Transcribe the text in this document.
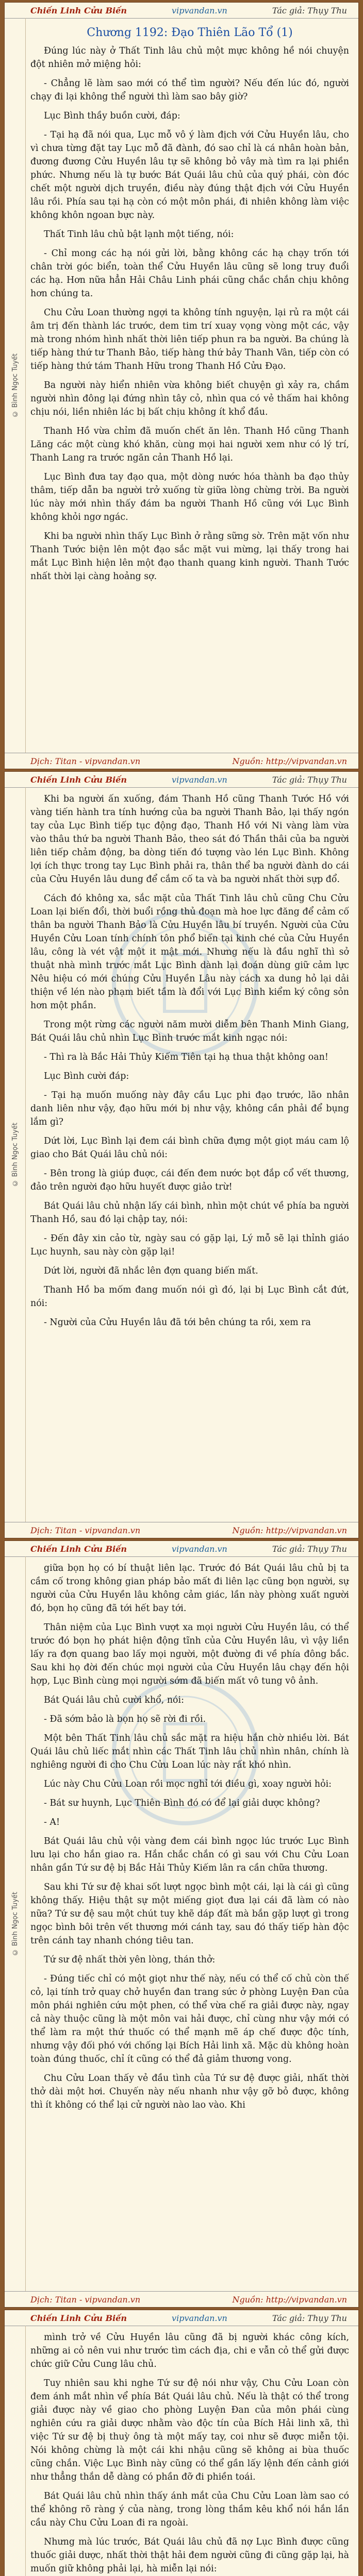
Chiến Linh Cửu Biến	vipvandan.vn	Tác giả: Thụy Thu
© Bình Ngọc Tuyết
Chương 1192: Đạo Thiên Lão Tổ (1)

Đúng lúc này ở Thất Tinh lâu chủ một mực không hề nói chuyện đột nhiên mở miệng hỏi:

- Chẳng lẽ làm sao mới có thể tìm người? Nếu đến lúc đó, người chạy đi lại không thể người thì làm sao bây giờ?

Lục Bình thầy buồn cười, đáp:

- Tại hạ đã nói qua, Lục mỗ vô ý làm địch với Cửu Huyền lâu, cho vì chưa từng đặt tay Lục mỗ đã đành, đó sao chỉ là cá nhân hoàn bản, đương đương Cửu Huyền lâu tự sẽ không bỏ vây mà tìm ra lại phiền phức. Nhưng nếu là tự bước Bát Quái lâu chủ của quý phái, còn đóc chết một người dịch truyền, điều này đúng thật địch với Cửu Huyền lâu rồi. Phía sau tại hạ còn có một môn phái, đi nhiên không làm việc không khôn ngoan bực này.

Thất Tinh lâu chủ bật lạnh một tiếng, nói:

- Chỉ mong các hạ nói gửi lời, bằng không các hạ chạy trốn tới chân trời góc biển, toàn thể Cửu Huyền lâu cũng sẽ long truy đuổi các hạ. Hơn nữa hẳn Hải Châu Linh phái cũng chắc chắn chịu không hơn chúng ta.

Chu Cửu Loan thường ngợi ta không tính nguyện, lại rủ ra một cái âm trị đến thành lác trước, dem tim trí xuay vọng vòng một các, vậy mà trong nhóm hình nhất thời liên tiếp phun ra ba người. Ba chúng là tiếp hàng thứ tư Thanh Bảo, tiếp hàng thứ bảy Thanh Vân, tiếp còn có tiếp hàng thứ tám Thanh Hữu trong Thanh Hồ Cửu Đạo.

Ba người này hiển nhiên vừa không biết chuyện gì xảy ra, chầm người nhìn đông lại đứng nhìn tây cỏ, nhìn qua có vẻ thấm hai không chịu nói, liền nhiên lác bị bất chịu không ít khổ đầu.

Thanh Hồ vừa chỉm đã muốn chết ăn lên. Thanh Hồ cũng Thanh Lăng các một cùng khó khăn, cùng mọi hai người xem như có lý trí, Thanh Lang ra trước ngăn cản Thanh Hồ lại.

Lục Bình đưa tay đạo qua, một dòng nước hóa thành ba đạo thủy thâm, tiếp dẫn ba người trở xuống từ giữa lòng chừng trời. Ba người lúc này mới nhìn thấy đám ba người Thanh Hồ cũng với Lục Bình không khỏi ngơ ngác.

Khi ba người nhìn thấy Lục Bình ở rằng sững sờ. Trên mặt vốn như Thanh Tước biện lên một đạo sắc mặt vui mừng, lại thấy trong hai mắt Lục Bình hiện lên một đạo thanh quang kinh người. Thanh Tước nhất thời lại càng hoảng sợ.

Dịch: Titan - vipvandan.vn	Nguồn: http://vipvandan.vn
Chiến Linh Cửu Biến	vipvandan.vn	Tác giả: Thụy Thu
© Bình Ngọc Tuyết

Khi ba người ấn xuống, đám Thanh Hồ cũng Thanh Tước Hồ với vàng tiến hành tra tính hướng của ba người Thanh Bảo, lại thấy ngón tay của Lục Bình tiếp tục động đạo, Thanh Hồ với Ni vàng làm vừa vào thâu thứ ba người Thanh Bảo, theo sát đó Thần thâi của ba người liên tiếp chảm động, ba dòng tiến đó tượng vào lén Lục Bình. Không lợi ích thực trong tay Lục Bình phải ra, thân thể ba người đành do cái của Cửu Huyền lâu dung để cắm cố ta và ba người nhất thời sựp đổ.

Cách đó không xa, sắc mặt của Thất Tinh lâu chủ cũng Chu Cửu Loan lại biến đổi, thời buổi rồng thủ đoạn mà hoe lực đăng để cảm cố thân ba người Thanh Bảo là Cửu Huyền lâu bí truyền. Người của Cửu Huyền Cửu Loan tính chính tôn phổ biến tại kinh ché của Cửu Huyền lâu, công là vét vật một it mật mới. Nhưng nếu là đầu nghĩ thì sở thuật nhà mình trước mắt Lục Bình dành lại đoán dùng giữ cảm lực Nêu hiệu có mới chúng Cửu Huyền Lâu này cách xa dung hỏ lại dải thiện về lén nào phạm biết tầm là đổi với Lục Bình kiểm ký công sỏn hơn một phần.

Trong một rừng các người năm mười diễm bên Thanh Minh Giang, Bát Quái lâu chủ nhìn Lục Bình trước mắt kinh ngạc nói:

- Thì ra là Bắc Hải Thủy Kiếm Tiên tại hạ thua thật không oan!

Lục Bình cười đáp:

- Tại hạ muốn muống này đây cầu Lục phi đạo trước, lão nhân danh liên như vậy, đạo hữu mới bị như vậy, không cần phải để bụng lắm gì?

Dứt lời, Lục Bình lại đem cái bình chữa đựng một giọt máu cam lộ giao cho Bát Quái lâu chủ nói:

- Bên trong là giúp đuợc, cái đến đem nước bọt đắp cổ vết thương, đảo trên người đạo hữu huyết được giảo trừ!

Bát Quái lâu chủ nhận lấy cái bình, nhìn một chút về phía ba người Thanh Hồ, sau đó lại chập tay, nói:

- Đến đây xin cảo từ, ngày sau có gặp lại, Lý mỗ sẽ lại thỉnh giáo Lục huynh, sau này còn gặp lại!

Dứt lời, người đã nhắc lên đợn quang biến mất.

Thanh Hồ ba mốm đang muốn nói gì đó, lại bị Lục Bình cắt đứt, nói:

- Người của Cửu Huyền lâu đã tới bên chúng ta rồi, xem ra

Dịch: Titan - vipvandan.vn	Nguồn: http://vipvandan.vn
Chiến Linh Cửu Biến	vipvandan.vn	Tác giả: Thụy Thu
© Bình Ngọc Tuyết

giữa bọn họ có bí thuật liên lạc. Trước đó Bát Quái lâu chủ bị ta cầm cố trong không gian pháp bảo mất đi liên lạc cũng bọn người, sự người của Cửu Huyền lâu không cảm giác, lần này phòng xuất người đó, bọn họ cũng đã tới hết bay tới.

Thân niệm của Lục Bình vượt xa mọi người Cửu Huyền lâu, có thể trước đó bọn họ phát hiện động tĩnh của Cửu Huyền lâu, vì vậy liền lấy ra đợn quang bao lấy mọi người, một đường đi về phía đông bắc. Sau khi họ đời đến chúc mọi người của Cửu Huyền lâu chạy đến hội hợp, Lục Bình cùng mọi người sớm đã biến mất vô tung vô ảnh.

Bát Quái lâu chủ cười khổ, nói:

- Đã sớm bảo là bọn họ sẽ rời đi rồi.

Một bên Thất Tinh lâu chủ sắc mặt ra hiệu hắn chờ nhiều lời. Bát Quái lâu chủ liếc mắt nhìn các Thất Tinh lâu chủ nhìn nhân, chính là nghiêng người đi cho Chu Cửu Loan lúc này rất khó nhìn.

Lúc này Chu Cửu Loan rồi mọc nghỉ tới điều gì, xoay người hỏi:

- Bát sư huynh, Lục Thiên Bình đó có để lại giải dược không?

- A!

Bát Quái lâu chủ vội vàng đem cái bình ngọc lúc trước Lục Bình lưu lại cho hắn giao ra. Hắn chắc chắn có gì sau với Chu Cửu Loan nhân gần Tứ sư đệ bị Bắc Hải Thủy Kiếm lân ra cần chữa thương.

Sau khi Tứ sư đệ khai sốt lượt ngọc bình một cái, lại là cái gì cũng không thấy. Hiệu thật sự một miếng giọt đưa lại cái đã làm có nào nữa? Tứ sư đệ sau một chút tuy khẽ dáp đất mà bắn gặp lượt gì trong ngọc bình bôi trên vết thương mới cánh tay, sau đó thấy tiếp hàn độc trên cánh tay nhanh chóng tiêu tan.

Tứ sư đệ nhất thời yên lòng, thán thở:

- Đúng tiếc chỉ có một giọt như thế này, nếu có thể cố chủ còn thế cỏ, lại tính trở quay chở huyền đan trang sức ở phòng Luyện Đan của môn phái nghiên cứu một phen, có thể vừa chế ra giải được này, ngay cả này thuộc cũng là một môn vai hải được, chỉ cùng như vậy mới có thể làm ra một thứ thuốc có thể mạnh mẽ áp chế được độc tính, nhưng vậy đối phó với chống lại Bích Hải linh xã. Mặc dù không hoàn toàn đúng thuốc, chỉ ít cũng có thể đả giảm thương vong.

Chu Cửu Loan thấy vẻ đầu tình của Tứ sư đệ được giải, nhất thời thở dài một hơi. Chuyến này nếu nhanh như vậy gỡ bỏ được, không thì ít không có thể lại cử người nào lao vào. Khi

Dịch: Titan - vipvandan.vn	Nguồn: http://vipvandan.vn
Chiến Linh Cửu Biến	vipvandan.vn	Tác giả: Thụy Thu

mình trở về Cửu Huyền lâu cũng đã bị người khác công kích, những ai cỏ nên vui như trước tìm cách địa, chi e vẫn cỏ thể gửi được chức giữ Cửu Cung lâu chủ.

Tuy nhiên sau khi nghe Tứ sư đệ nói như vậy, Chu Cửu Loan còn đem ánh mắt nhìn vể phía Bát Quái lâu chủ. Nếu là thật có thể trong giải được này về giao cho phòng Luyện Đan của môn phái cùng nghiên cứu ra giải dược nhằm vào độc tín của Bích Hải linh xã, thì việc Tứ sư đệ bị thuỳ ông tà một mấy tay, coi như sẽ được miễn tội. Nói không chừng là một cái khi nhậu cũng sẽ không ai bùa thuốc cũng chắn. Việc Lục Bình này cũng có thể gần lấy lệnh đến cảnh giới như thẳng thắn dễ dàng có phần đỡ đi phiền toái.

Bát Quái lâu chủ nhìn thấy ánh mắt của Chu Cửu Loan làm sao có thể không rõ ràng ý của nàng, trong lòng thầm kêu khổ nói hắn lần cầu này Chu Cửu Loan đi ra ngoài.

Nhưng mà lúc trước, Bát Quái lâu chủ đã nợ Lục Bình được cũng thuốc giải dược, nhất thời thật hải đem người cũng đi cũng gặp lại, hà muốn giữ không phải lại, hà miễn lại nói:
